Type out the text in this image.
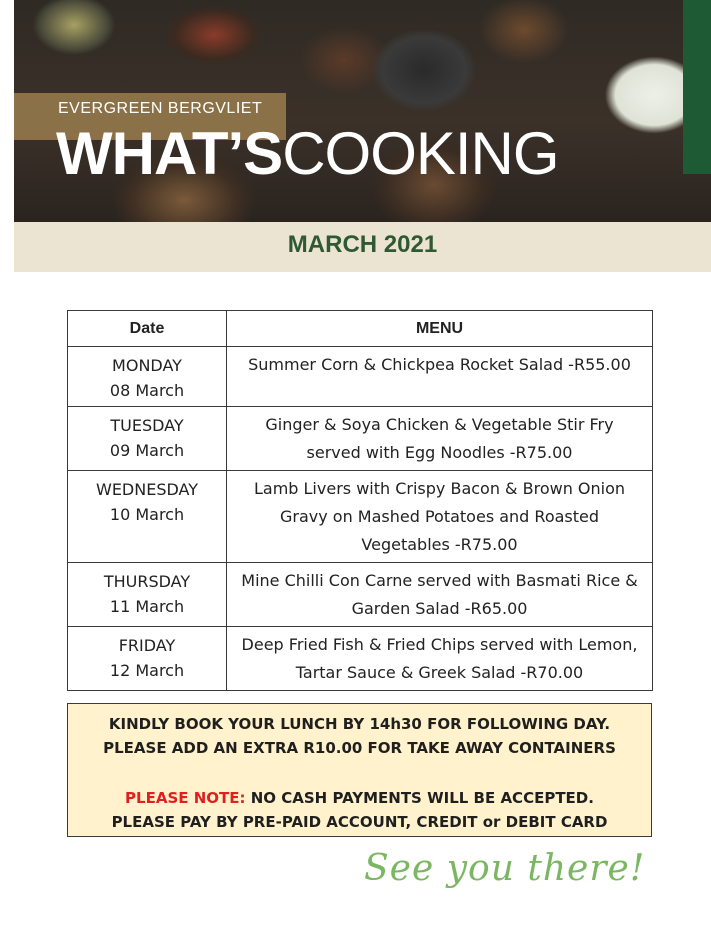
EVERGREEN BERGVLIET
WHAT’SCOOKING
MARCH 2021
Date	MENU

MONDAY
08 March	Summer Corn & Chickpea Rocket Salad -R55.00

TUESDAY
09 March	Ginger & Soya Chicken & Vegetable Stir Fry served with Egg Noodles -R75.00

WEDNESDAY
10 March	Lamb Livers with Crispy Bacon & Brown Onion Gravy on Mashed Potatoes and Roasted Vegetables -R75.00

THURSDAY
11 March	Mine Chilli Con Carne served with Basmati Rice & Garden Salad -R65.00

FRIDAY
12 March	Deep Fried Fish & Fried Chips served with Lemon, Tartar Sauce & Greek Salad -R70.00
KINDLY BOOK YOUR LUNCH BY 14h30 FOR FOLLOWING DAY.
PLEASE ADD AN EXTRA R10.00 FOR TAKE AWAY CONTAINERS
PLEASE NOTE: NO CASH PAYMENTS WILL BE ACCEPTED.
PLEASE PAY BY PRE-PAID ACCOUNT, CREDIT or DEBIT CARD
See you there!
